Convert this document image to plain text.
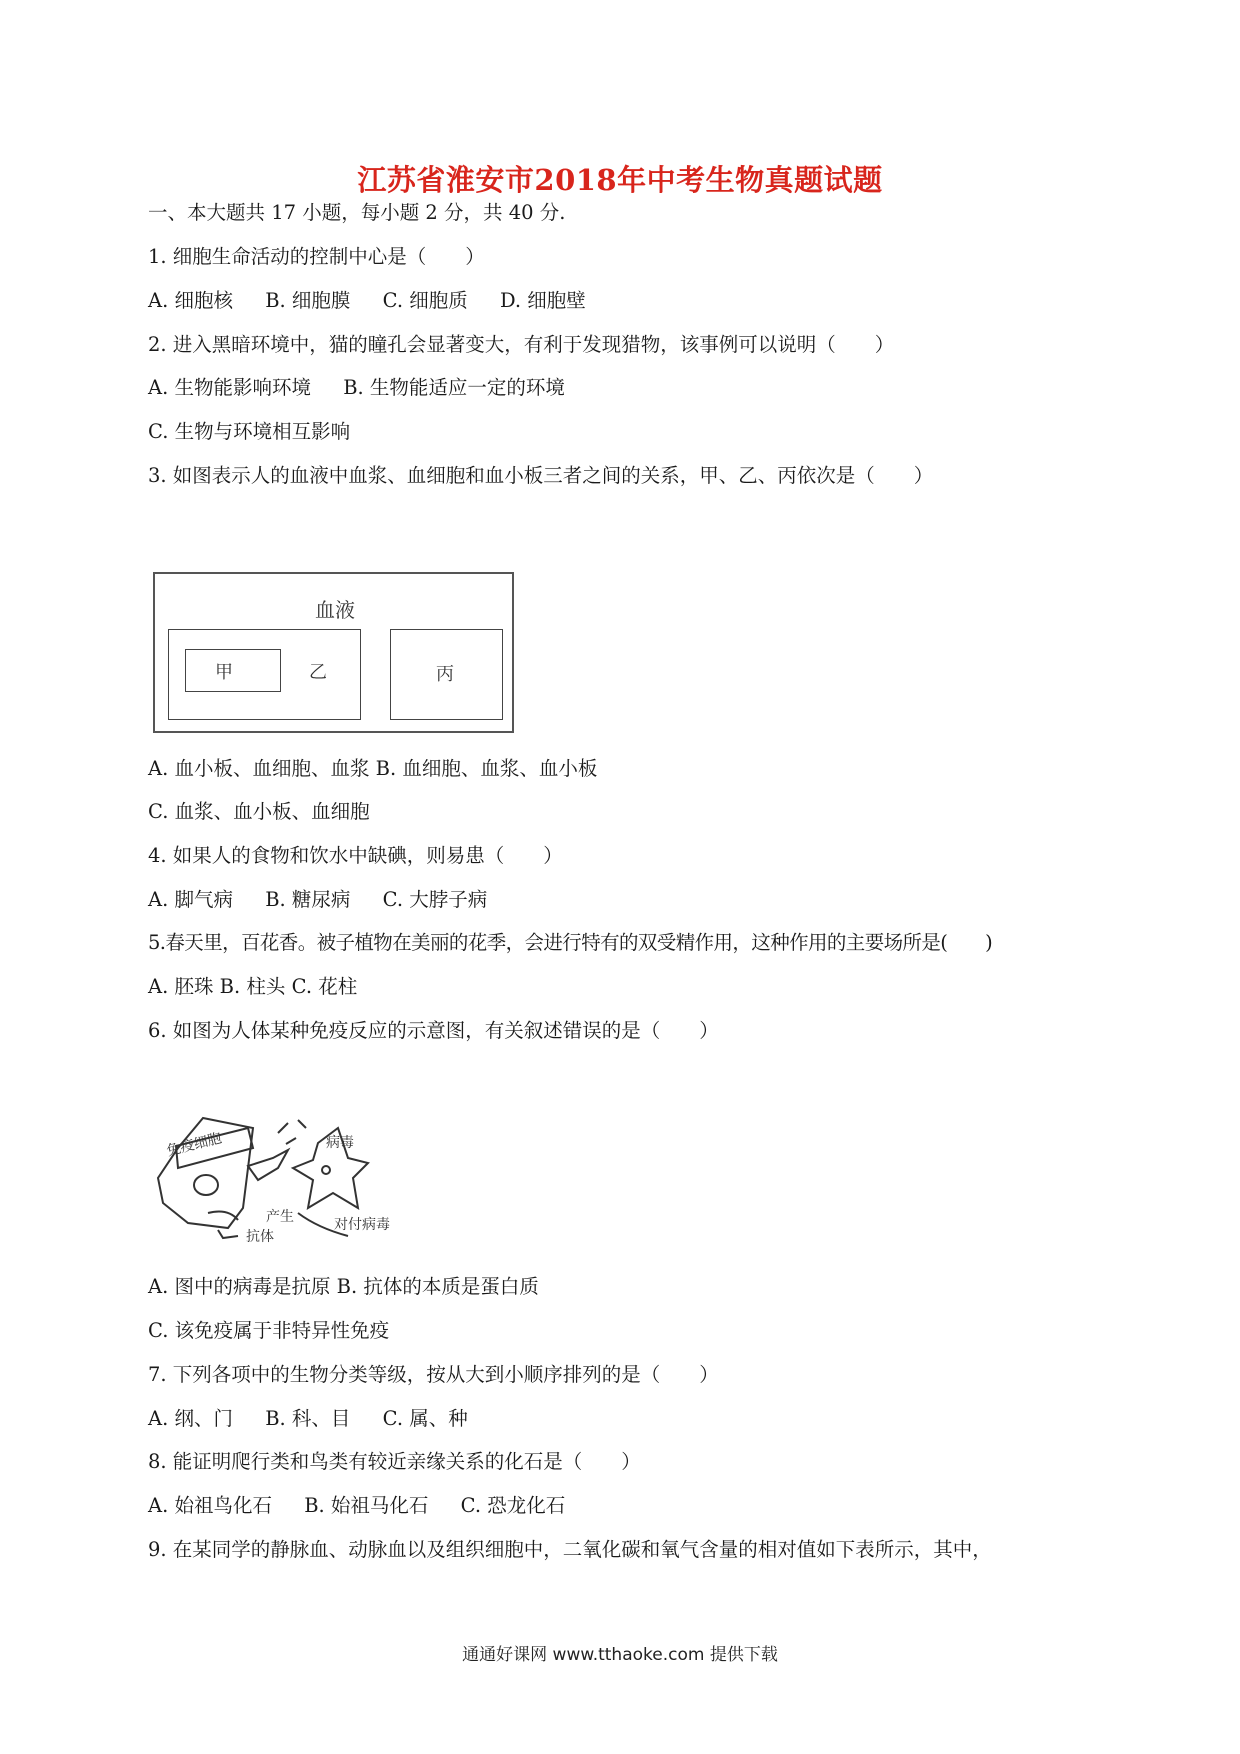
江苏省淮安市2018年中考生物真题试题
一、本大题共 17 小题，每小题 2 分，共 40 分.
1. 细胞生命活动的控制中心是（　　）
A. 细胞核 B. 细胞膜 C. 细胞质 D. 细胞壁
2. 进入黑暗环境中，猫的瞳孔会显著变大，有利于发现猎物，该事例可以说明（　　）
A. 生物能影响环境 B. 生物能适应一定的环境
C. 生物与环境相互影响
3. 如图表示人的血液中血浆、血细胞和血小板三者之间的关系，甲、乙、丙依次是（　　）
血液
甲	乙	丙
A. 血小板、血细胞、血浆 B. 血细胞、血浆、血小板
C. 血浆、血小板、血细胞
4. 如果人的食物和饮水中缺碘，则易患（　　）
A. 脚气病 B. 糖尿病 C. 大脖子病
5.春天里，百花香。被子植物在美丽的花季，会进行特有的双受精作用，这种作用的主要场所是(　　)
A. 胚珠 B. 柱头 C. 花柱
6. 如图为人体某种免疫反应的示意图，有关叙述错误的是（　　）
免疫细胞	病毒
产生
抗体
对付病毒
A. 图中的病毒是抗原 B. 抗体的本质是蛋白质
C. 该免疫属于非特异性免疫
7. 下列各项中的生物分类等级，按从大到小顺序排列的是（　　）
A. 纲、门 B. 科、目 C. 属、种
8. 能证明爬行类和鸟类有较近亲缘关系的化石是（　　）
A. 始祖鸟化石 B. 始祖马化石 C. 恐龙化石
9. 在某同学的静脉血、动脉血以及组织细胞中，二氧化碳和氧气含量的相对值如下表所示，其中，
通通好课网 www.tthaoke.com 提供下载
